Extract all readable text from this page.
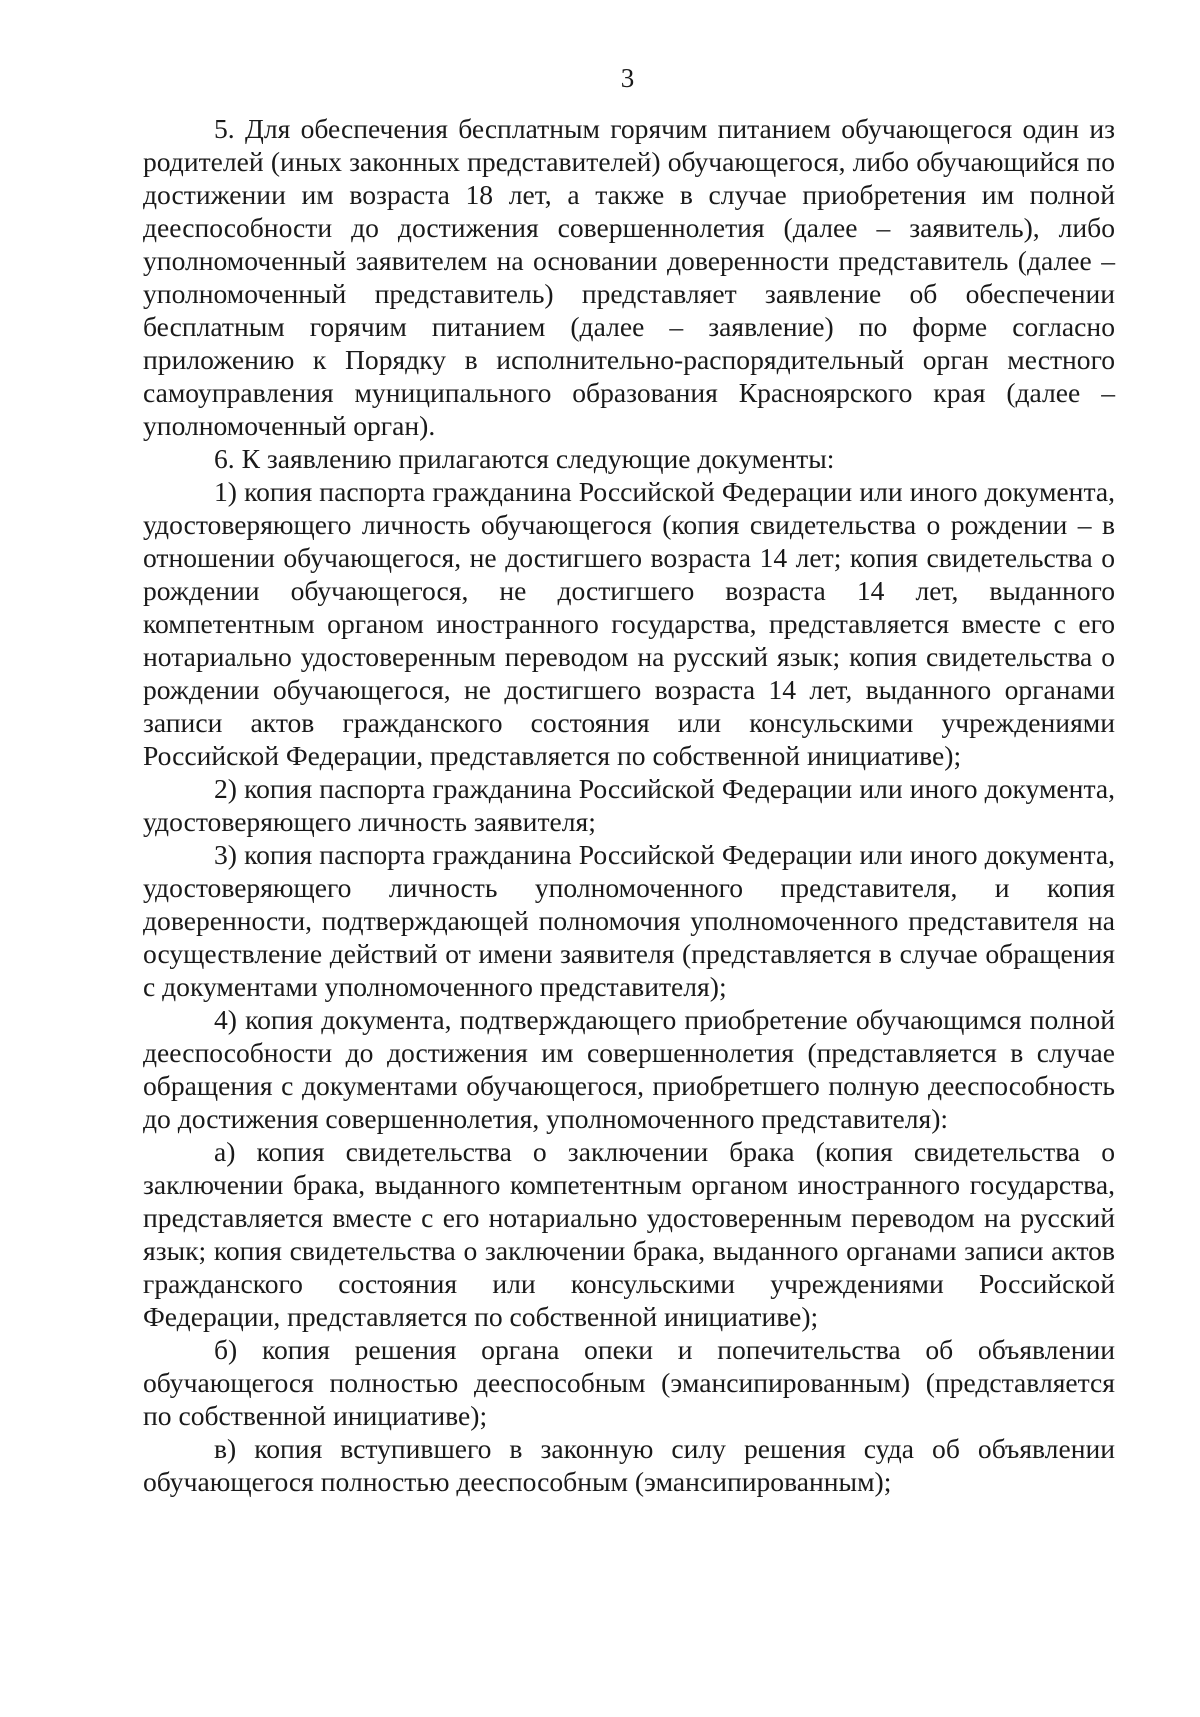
3

5. Для обеспечения бесплатным горячим питанием обучающегося один из родителей (иных законных представителей) обучающегося, либо обучающийся по достижении им возраста 18 лет, а также в случае приобретения им полной дееспособности до достижения совершеннолетия (далее – заявитель), либо уполномоченный заявителем на основании доверенности представитель (далее – уполномоченный представитель) представляет заявление об обеспечении бесплатным горячим питанием (далее – заявление) по форме согласно приложению к Порядку в исполнительно-распорядительный орган местного самоуправления муниципального образования Красноярского края (далее – уполномоченный орган).

6. К заявлению прилагаются следующие документы:

1) копия паспорта гражданина Российской Федерации или иного документа, удостоверяющего личность обучающегося (копия свидетельства о рождении – в отношении обучающегося, не достигшего возраста 14 лет; копия свидетельства о рождении обучающегося, не достигшего возраста 14 лет, выданного компетентным органом иностранного государства, представляется вместе с его нотариально удостоверенным переводом на русский язык; копия свидетельства о рождении обучающегося, не достигшего возраста 14 лет, выданного органами записи актов гражданского состояния или консульскими учреждениями Российской Федерации, представляется по собственной инициативе);

2) копия паспорта гражданина Российской Федерации или иного документа, удостоверяющего личность заявителя;

3) копия паспорта гражданина Российской Федерации или иного документа, удостоверяющего личность уполномоченного представителя, и копия доверенности, подтверждающей полномочия уполномоченного представителя на осуществление действий от имени заявителя (представляется в случае обращения с документами уполномоченного представителя);

4) копия документа, подтверждающего приобретение обучающимся полной дееспособности до достижения им совершеннолетия (представляется в случае обращения с документами обучающегося, приобретшего полную дееспособность до достижения совершеннолетия, уполномоченного представителя):

а) копия свидетельства о заключении брака (копия свидетельства о заключении брака, выданного компетентным органом иностранного государства, представляется вместе с его нотариально удостоверенным переводом на русский язык; копия свидетельства о заключении брака, выданного органами записи актов гражданского состояния или консульскими учреждениями Российской Федерации, представляется по собственной инициативе);

б) копия решения органа опеки и попечительства об объявлении обучающегося полностью дееспособным (эмансипированным) (представляется по собственной инициативе);

в) копия вступившего в законную силу решения суда об объявлении обучающегося полностью дееспособным (эмансипированным);
